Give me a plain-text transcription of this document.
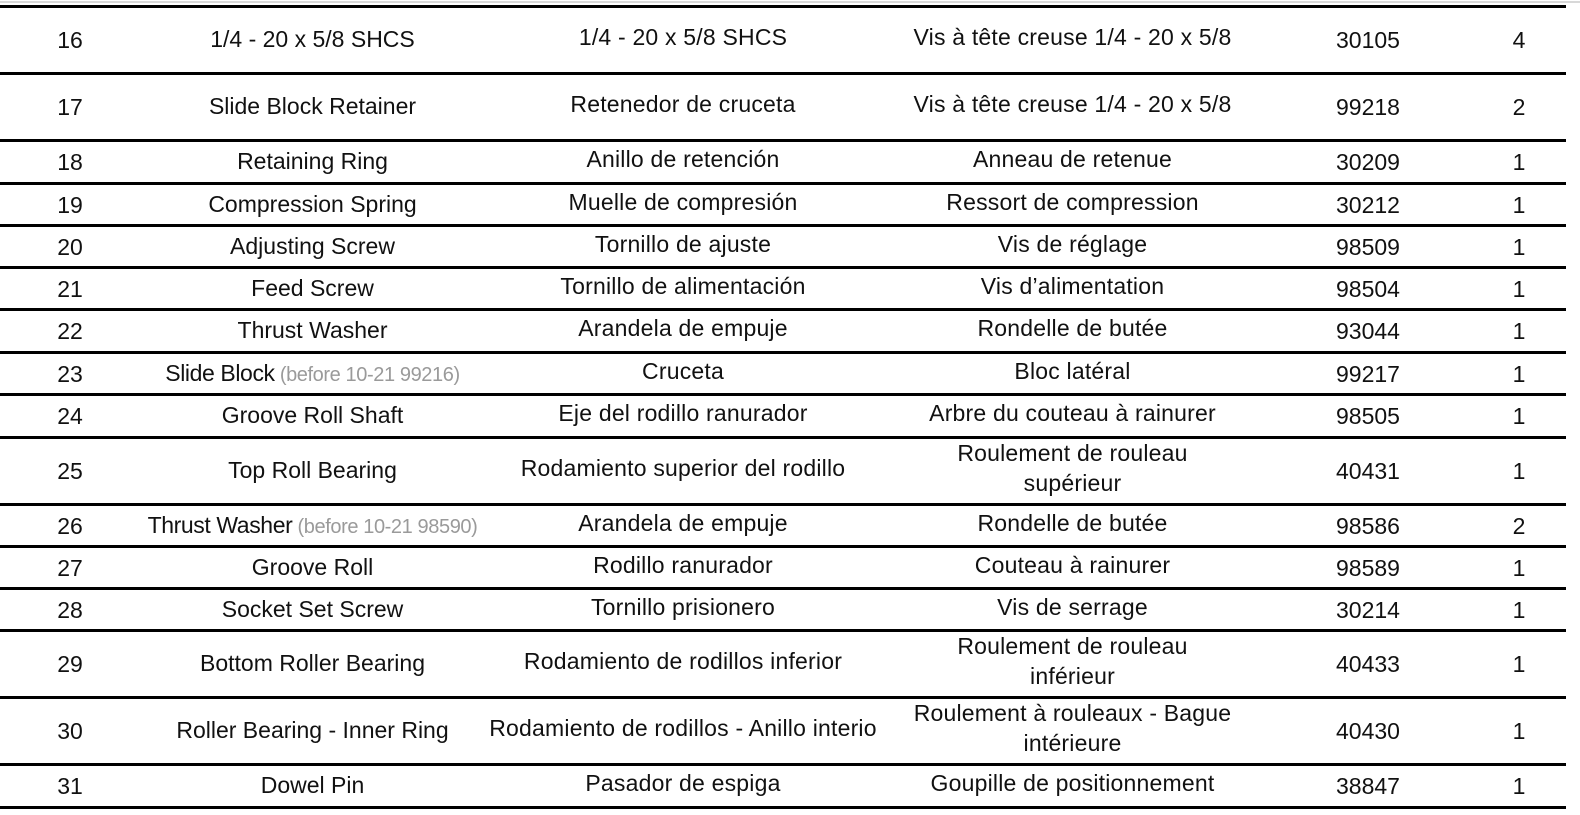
16	1/4 - 20 x 5/8 SHCS	1/4 - 20 x 5/8 SHCS	Vis à tête creuse 1/4 - 20 x 5/8	30105	4
17	Slide Block Retainer	Retenedor de cruceta	Vis à tête creuse 1/4 - 20 x 5/8	99218	2
18	Retaining Ring	Anillo de retención	Anneau de retenue	30209	1
19	Compression Spring	Muelle de compresión	Ressort de compression	30212	1
20	Adjusting Screw	Tornillo de ajuste	Vis de réglage	98509	1
21	Feed Screw	Tornillo de alimentación	Vis d’alimentation	98504	1
22	Thrust Washer	Arandela de empuje	Rondelle de butée	93044	1
23	Slide Block (before 10-21 99216)	Cruceta	Bloc latéral	99217	1
24	Groove Roll Shaft	Eje del rodillo ranurador	Arbre du couteau à rainurer	98505	1
25	Top Roll Bearing	Rodamiento superior del rodillo	Roulement de rouleau supérieur	40431	1
26	Thrust Washer (before 10-21 98590)	Arandela de empuje	Rondelle de butée	98586	2
27	Groove Roll	Rodillo ranurador	Couteau à rainurer	98589	1
28	Socket Set Screw	Tornillo prisionero	Vis de serrage	30214	1
29	Bottom Roller Bearing	Rodamiento de rodillos inferior	Roulement de rouleau inférieur	40433	1
30	Roller Bearing - Inner Ring	Rodamiento de rodillos - Anillo interio	Roulement à rouleaux - Bague intérieure	40430	1
31	Dowel Pin	Pasador de espiga	Goupille de positionnement	38847	1
